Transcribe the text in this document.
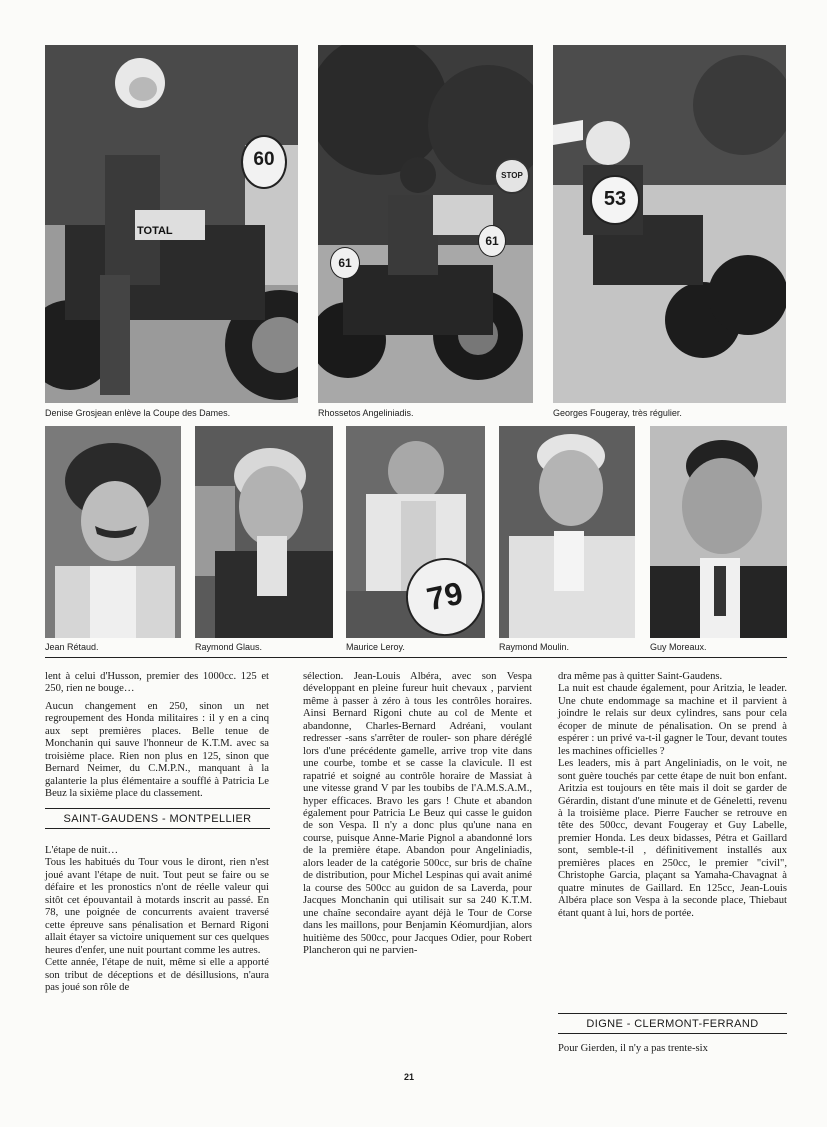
60
TOTAL
STOP
61
61
53
Denise Grosjean enlève la Coupe des Dames.	Rhossetos Angeliniadis.	Georges Fougeray, très régulier.
79
Jean Rétaud.	Raymond Glaus.	Maurice Leroy.	Raymond Moulin.	Guy Moreaux.

lent à celui d'Husson, premier des 1000cc. 125 et 250, rien ne bouge…

Aucun changement en 250, sinon un net regroupement des Honda militaires : il y en a cinq aux sept premières places. Belle tenue de Monchanin qui sauve l'honneur de K.T.M. avec sa troisième place. Rien non plus en 125, sinon que Bernard Neimer, du C.M.P.N., manquant à la galanterie la plus élémentaire a soufflé à Patricia Le Beuz la sixième place du classement.

SAINT-GAUDENS - MONTPELLIER

L'étape de nuit…

Tous les habitués du Tour vous le diront, rien n'est joué avant l'étape de nuit. Tout peut se faire ou se défaire et les pronostics n'ont de réelle valeur qui sitôt cet épouvantail à motards inscrit au passé. En 78, une poignée de concurrents avaient traversé cette épreuve sans pénalisation et Bernard Rigoni allait étayer sa victoire uniquement sur ces quelques heures d'enfer, une nuit pourtant comme les autres.

Cette année, l'étape de nuit, même si elle a apporté son tribut de déceptions et de désillusions, n'aura pas joué son rôle de

sélection. Jean-Louis Albéra, avec son Vespa développant en pleine fureur huit chevaux , parvient même à passer à zéro à tous les contrôles horaires. Ainsi Bernard Rigoni chute au col de Mente et abandonne, Charles-Bernard Adréani, voulant redresser -sans s'arrêter de rouler- son phare déréglé lors d'une précédente gamelle, arrive trop vite dans une courbe, tombe et se casse la clavicule. Il est rapatrié et soigné au contrôle horaire de Massiat à une vitesse grand V par les toubibs de l'A.M.S.A.M., hyper efficaces. Bravo les gars ! Chute et abandon également pour Patricia Le Beuz qui casse le guidon de son Vespa. Il n'y a donc plus qu'une nana en course, puisque Anne-Marie Pignol a abandonné lors de la première étape. Abandon pour Angeliniadis, alors leader de la catégorie 500cc, sur bris de chaîne de distribution, pour Michel Lespinas qui avait animé la course des 500cc au guidon de sa Laverda, pour Jacques Monchanin qui utilisait sur sa 240 K.T.M. une chaîne secondaire ayant déjà le Tour de Corse dans les maillons, pour Benjamin Kéomurdjian, alors huitième des 500cc, pour Jacques Odier, pour Robert Plancheron qui ne parvien-

dra même pas à quitter Saint-Gaudens.

La nuit est chaude également, pour Aritzia, le leader. Une chute endommage sa machine et il parvient à joindre le relais sur deux cylindres, sans pour cela écoper de minute de pénalisation. On se prend à espérer : un privé va-t-il gagner le Tour, devant toutes les machines officielles ?

Les leaders, mis à part Angeliniadis, on le voit, ne sont guère touchés par cette étape de nuit bon enfant. Aritzia est toujours en tête mais il doit se garder de Gérardin, distant d'une minute et de Géneletti, revenu à la troisième place. Pierre Faucher se retrouve en tête des 500cc, devant Fougeray et Guy Labelle, premier Honda. Les deux bidasses, Pétra et Gaillard sont, semble-t-il , définitivement installés aux premières places en 250cc, le premier "civil", Christophe Garcia, plaçant sa Yamaha-Chavagnat à quatre minutes de Gaillard. En 125cc, Jean-Louis Albéra place son Vespa à la seconde place, Thiebaut étant quant à lui, hors de portée.

DIGNE - CLERMONT-FERRAND

Pour Gierden, il n'y a pas trente-six

21
